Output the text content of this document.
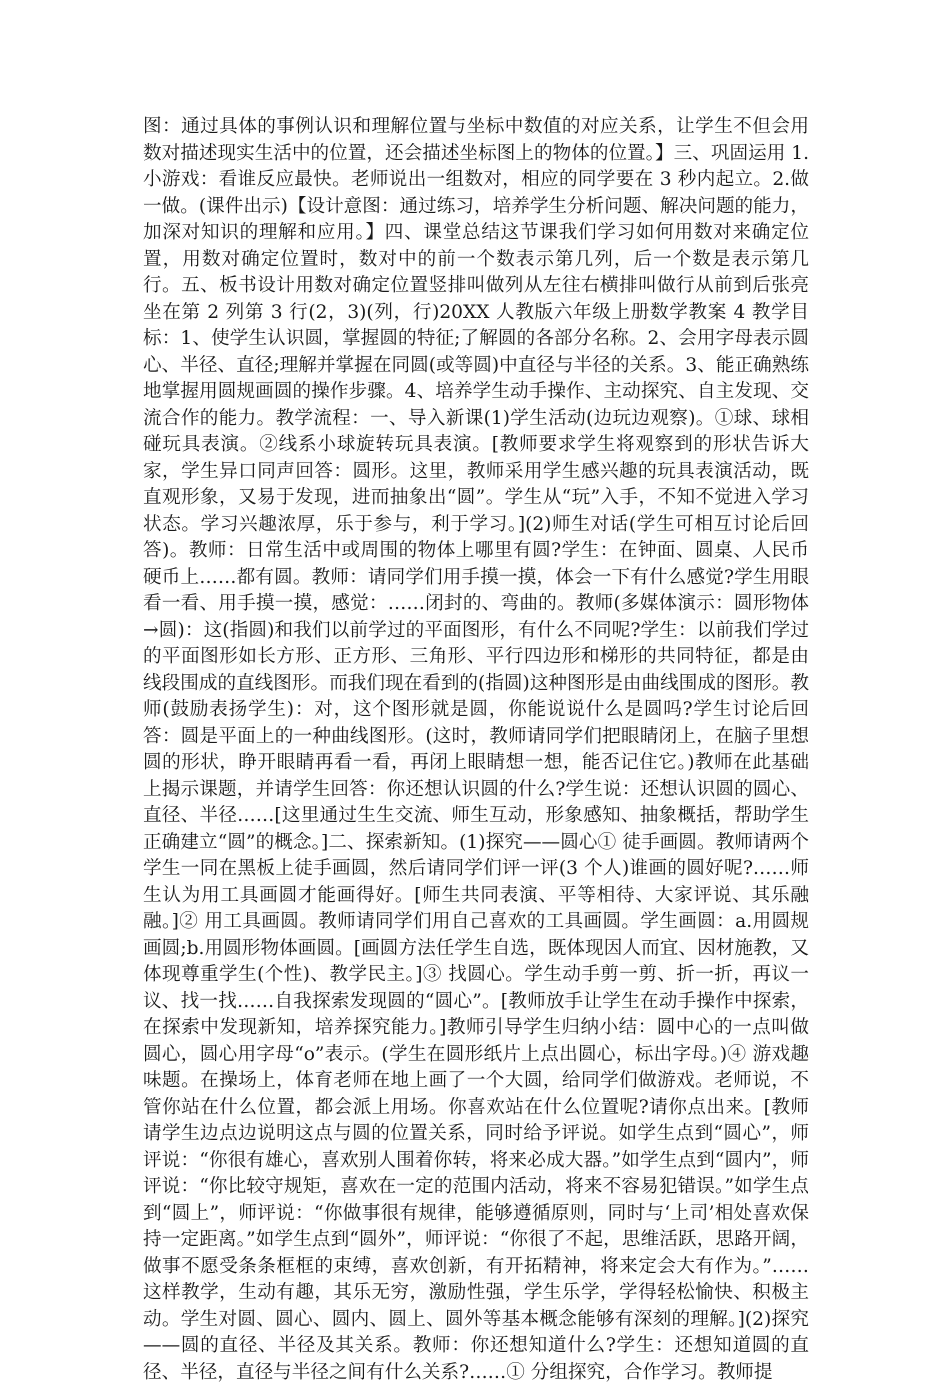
图：通过具体的事例认识和理解位置与坐标中数值的对应关系，让学生不但会用数对描述现实生活中的位置，还会描述坐标图上的物体的位置。】三、巩固运用 1.小游戏：看谁反应最快。老师说出一组数对，相应的同学要在 3 秒内起立。2.做一做。(课件出示)【设计意图：通过练习，培养学生分析问题、解决问题的能力，加深对知识的理解和应用。】四、课堂总结这节课我们学习如何用数对来确定位置，用数对确定位置时，数对中的前一个数表示第几列，后一个数是表示第几行。五、板书设计用数对确定位置竖排叫做列从左往右横排叫做行从前到后张亮坐在第 2 列第 3 行(2，3)(列，行)20XX 人教版六年级上册数学教案 4 教学目标：1、使学生认识圆，掌握圆的特征;了解圆的各部分名称。2、会用字母表示圆心、半径、直径;理解并掌握在同圆(或等圆)中直径与半径的关系。3、能正确熟练地掌握用圆规画圆的操作步骤。4、培养学生动手操作、主动探究、自主发现、交流合作的能力。教学流程：一、导入新课(1)学生活动(边玩边观察)。①球、球相碰玩具表演。②线系小球旋转玩具表演。[教师要求学生将观察到的形状告诉大家，学生异口同声回答：圆形。这里，教师采用学生感兴趣的玩具表演活动，既直观形象，又易于发现，进而抽象出“圆”。学生从“玩”入手，不知不觉进入学习状态。学习兴趣浓厚，乐于参与，利于学习。](2)师生对话(学生可相互讨论后回答)。教师：日常生活中或周围的物体上哪里有圆?学生：在钟面、圆桌、人民币硬币上……都有圆。教师：请同学们用手摸一摸，体会一下有什么感觉?学生用眼看一看、用手摸一摸，感觉：……闭封的、弯曲的。教师(多媒体演示：圆形物体→圆)：这(指圆)和我们以前学过的平面图形，有什么不同呢?学生：以前我们学过的平面图形如长方形、正方形、三角形、平行四边形和梯形的共同特征，都是由线段围成的直线图形。而我们现在看到的(指圆)这种图形是由曲线围成的图形。教师(鼓励表扬学生)：对，这个图形就是圆，你能说说什么是圆吗?学生讨论后回答：圆是平面上的一种曲线图形。(这时，教师请同学们把眼睛闭上，在脑子里想圆的形状，睁开眼睛再看一看，再闭上眼睛想一想，能否记住它。)教师在此基础上揭示课题，并请学生回答：你还想认识圆的什么?学生说：还想认识圆的圆心、直径、半径……[这里通过生生交流、师生互动，形象感知、抽象概括，帮助学生正确建立“圆”的概念。]二、探索新知。(1)探究——圆心① 徒手画圆。教师请两个学生一同在黑板上徒手画圆，然后请同学们评一评(3 个人)谁画的圆好呢?……师生认为用工具画圆才能画得好。[师生共同表演、平等相待、大家评说、其乐融融。]② 用工具画圆。教师请同学们用自己喜欢的工具画圆。学生画圆：a.用圆规画圆;b.用圆形物体画圆。[画圆方法任学生自选，既体现因人而宜、因材施教，又体现尊重学生(个性)、教学民主。]③ 找圆心。学生动手剪一剪、折一折，再议一议、找一找……自我探索发现圆的“圆心”。[教师放手让学生在动手操作中探索，在探索中发现新知，培养探究能力。]教师引导学生归纳小结：圆中心的一点叫做圆心，圆心用字母“o”表示。(学生在圆形纸片上点出圆心，标出字母。)④ 游戏趣味题。在操场上，体育老师在地上画了一个大圆，给同学们做游戏。老师说，不管你站在什么位置，都会派上用场。你喜欢站在什么位置呢?请你点出来。[教师请学生边点边说明这点与圆的位置关系，同时给予评说。如学生点到“圆心”，师评说：“你很有雄心，喜欢别人围着你转，将来必成大器。”如学生点到“圆内”，师评说：“你比较守规矩，喜欢在一定的范围内活动，将来不容易犯错误。”如学生点到“圆上”，师评说：“你做事很有规律，能够遵循原则，同时与‘上司’相处喜欢保持一定距离。”如学生点到“圆外”，师评说：“你很了不起，思维活跃，思路开阔，做事不愿受条条框框的束缚，喜欢创新，有开拓精神，将来定会大有作为。”……这样教学，生动有趣，其乐无穷，激励性强，学生乐学，学得轻松愉快、积极主动。学生对圆、圆心、圆内、圆上、圆外等基本概念能够有深刻的理解。](2)探究——圆的直径、半径及其关系。教师：你还想知道什么?学生：还想知道圆的直径、半径，直径与半径之间有什么关系?……① 分组探究，合作学习。教师提
